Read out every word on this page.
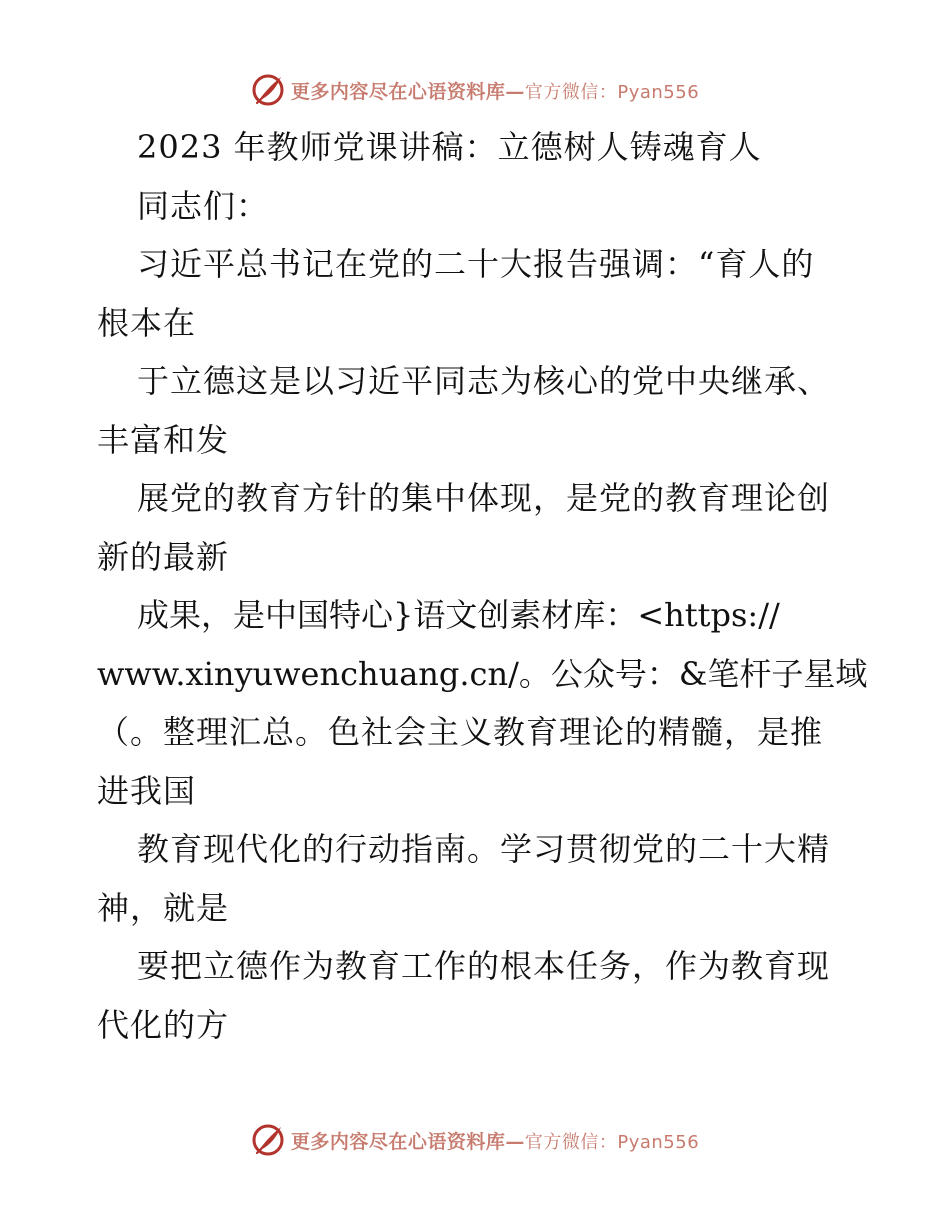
更多内容尽在心语资料库—官方微信：Pyan556
2023 年教师党课讲稿：立德树人铸魂育人
同志们：
习近平总书记在党的二十大报告强调：“育人的
根本在
于立德这是以习近平同志为核心的党中央继承、
丰富和发
展党的教育方针的集中体现，是党的教育理论创
新的最新
成果，是中国特心}语文创素材库：<https://
www.xinyuwenchuang.cn/。公众号：&笔杆子星域
（。整理汇总。色社会主义教育理论的精髓，是推
进我国
教育现代化的行动指南。学习贯彻党的二十大精
神，就是
要把立德作为教育工作的根本任务，作为教育现
代化的方
更多内容尽在心语资料库—官方微信：Pyan556
